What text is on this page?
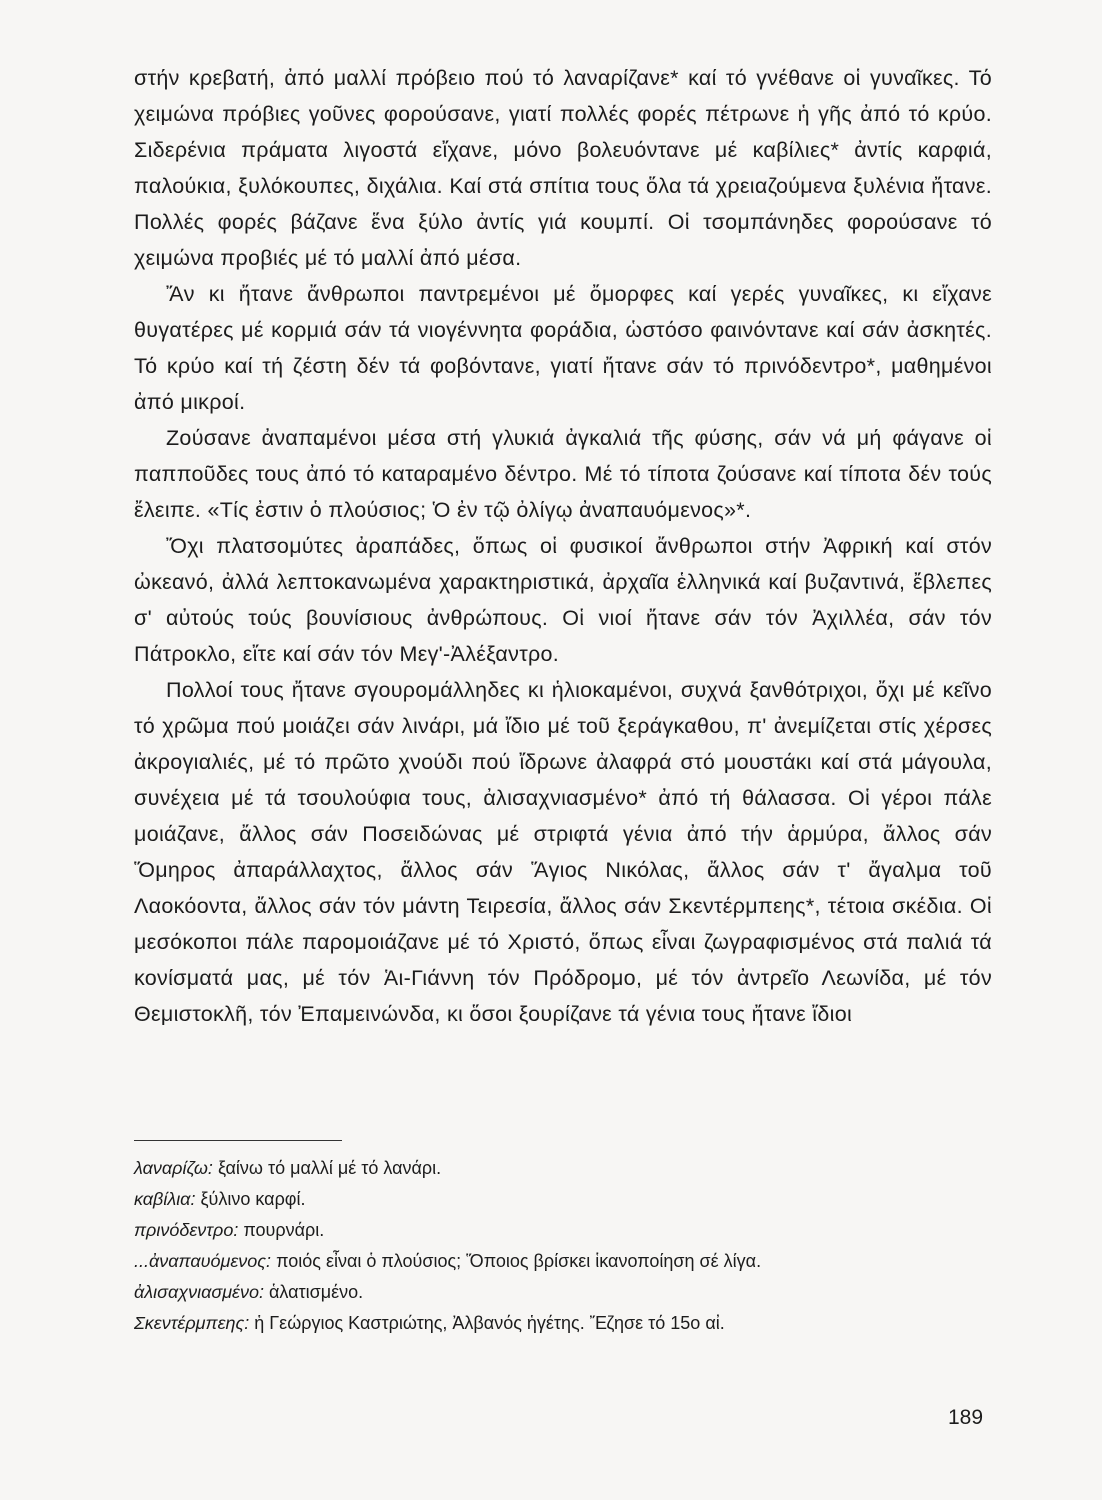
στήν κρεβατή, ἀπό μαλλί πρόβειο πού τό λαναρίζανε* καί τό γνέθανε οἱ γυναῖκες. Τό χειμώνα πρόβιες γοῦνες φορούσανε, γιατί πολλές φορές πέτρωνε ἡ γῆς ἀπό τό κρύο. Σιδερένια πράματα λιγοστά εἴχανε, μόνο βολευόντανε μέ καβίλιες* ἀντίς καρφιά, παλούκια, ξυλόκουπες, διχάλια. Καί στά σπίτια τους ὅλα τά χρειαζούμενα ξυλένια ἤτανε. Πολλές φορές βάζανε ἕνα ξύλο ἀντίς γιά κουμπί. Οἱ τσομπάνηδες φορούσανε τό χειμώνα προβιές μέ τό μαλλί ἀπό μέσα.

Ἄν κι ἤτανε ἄνθρωποι παντρεμένοι μέ ὄμορφες καί γερές γυναῖκες, κι εἴχανε θυγατέρες μέ κορμιά σάν τά νιογέννητα φοράδια, ὡστόσο φαινόντανε καί σάν ἀσκητές. Τό κρύο καί τή ζέστη δέν τά φοβόντανε, γιατί ἤτανε σάν τό πρινόδεντρο*, μαθημένοι ἀπό μικροί.

Ζούσανε ἀναπαμένοι μέσα στή γλυκιά ἀγκαλιά τῆς φύσης, σάν νά μή φάγανε οἱ παπποῦδες τους ἀπό τό καταραμένο δέντρο. Μέ τό τίποτα ζούσανε καί τίποτα δέν τούς ἔλειπε. «Τίς ἐστιν ὁ πλούσιος; Ὁ ἐν τῷ ὀλίγῳ ἀναπαυόμενος»*.

Ὄχι πλατσομύτες ἀραπάδες, ὅπως οἱ φυσικοί ἄνθρωποι στήν Ἀφρική καί στόν ὠκεανό, ἀλλά λεπτοκανωμένα χαρακτηριστικά, ἀρχαῖα ἑλληνικά καί βυζαντινά, ἔβλεπες σ' αὐτούς τούς βουνίσιους ἀνθρώπους. Οἱ νιοί ἤτανε σάν τόν Ἀχιλλέα, σάν τόν Πάτροκλο, εἴτε καί σάν τόν Μεγ'-Ἀλέξαντρο.

Πολλοί τους ἤτανε σγουρομάλληδες κι ἡλιοκαμένοι, συχνά ξανθότριχοι, ὄχι μέ κεῖνο τό χρῶμα πού μοιάζει σάν λινάρι, μά ἴδιο μέ τοῦ ξεράγκαθου, π' ἀνεμίζεται στίς χέρσες ἀκρογιαλιές, μέ τό πρῶτο χνούδι πού ἴδρωνε ἀλαφρά στό μουστάκι καί στά μάγουλα, συνέχεια μέ τά τσουλούφια τους, ἀλισαχνιασμένο* ἀπό τή θάλασσα. Οἱ γέροι πάλε μοιάζανε, ἄλλος σάν Ποσειδώνας μέ στριφτά γένια ἀπό τήν ἁρμύρα, ἄλλος σάν Ὅμηρος ἀπαράλλαχτος, ἄλλος σάν Ἅγιος Νικόλας, ἄλλος σάν τ' ἄγαλμα τοῦ Λαοκόοντα, ἄλλος σάν τόν μάντη Τειρεσία, ἄλλος σάν Σκεντέρμπεης*, τέτοια σκέδια. Οἱ μεσόκοποι πάλε παρομοιάζανε μέ τό Χριστό, ὅπως εἶναι ζωγραφισμένος στά παλιά τά κονίσματά μας, μέ τόν Ἁι-Γιάννη τόν Πρόδρομο, μέ τόν ἀντρεῖο Λεωνίδα, μέ τόν Θεμιστοκλῆ, τόν Ἐπαμεινώνδα, κι ὅσοι ξουρίζανε τά γένια τους ἤτανε ἴδιοι

λαναρίζω: ξαίνω τό μαλλί μέ τό λανάρι.

καβίλια: ξύλινο καρφί.

πρινόδεντρο: πουρνάρι.

...ἀναπαυόμενος: ποιός εἶναι ὁ πλούσιος; Ὅποιος βρίσκει ἱκανοποίηση σέ λίγα.

ἀλισαχνιασμένο: ἁλατισμένο.

Σκεντέρμπεης: ἡ Γεώργιος Καστριώτης, Ἀλβανός ἡγέτης. Ἔζησε τό 15ο αἰ.

189
